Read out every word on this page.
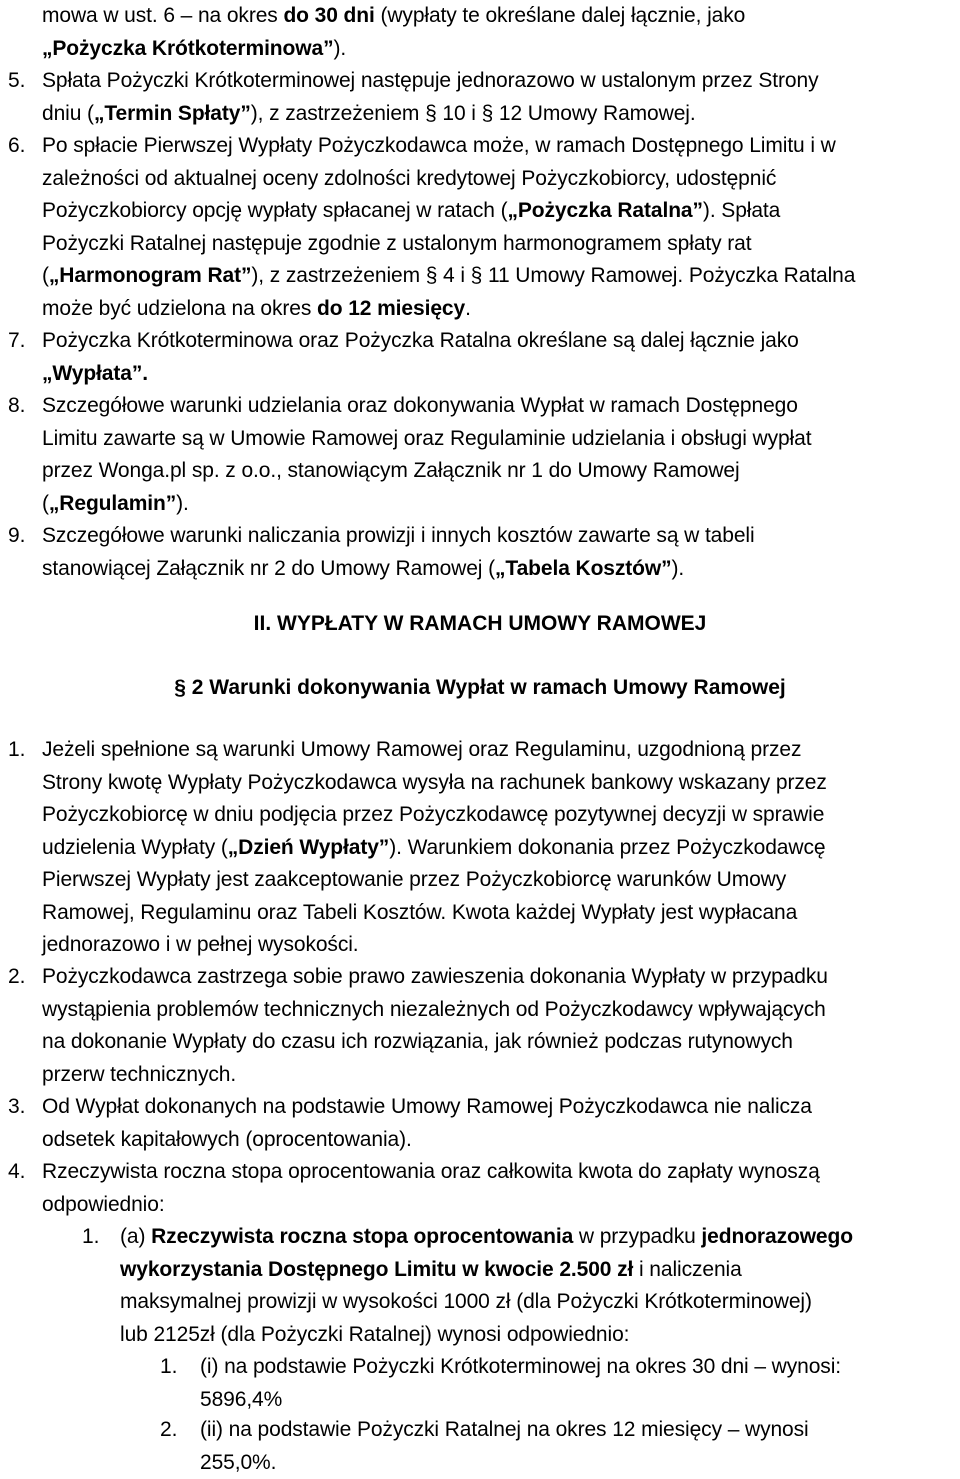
mowa w ust. 6 – na okres do 30 dni (wypłaty te określane dalej łącznie, jako
„Pożyczka Krótkoterminowa”).
5. Spłata Pożyczki Krótkoterminowej następuje jednorazowo w ustalonym przez Strony
dniu („Termin Spłaty”), z zastrzeżeniem § 10 i § 12 Umowy Ramowej.
6. Po spłacie Pierwszej Wypłaty Pożyczkodawca może, w ramach Dostępnego Limitu i w
zależności od aktualnej oceny zdolności kredytowej Pożyczkobiorcy, udostępnić
Pożyczkobiorcy opcję wypłaty spłacanej w ratach („Pożyczka Ratalna”). Spłata
Pożyczki Ratalnej następuje zgodnie z ustalonym harmonogramem spłaty rat
(„Harmonogram Rat”), z zastrzeżeniem § 4 i § 11 Umowy Ramowej. Pożyczka Ratalna
może być udzielona na okres do 12 miesięcy.
7. Pożyczka Krótkoterminowa oraz Pożyczka Ratalna określane są dalej łącznie jako
„Wypłata”.
8. Szczegółowe warunki udzielania oraz dokonywania Wypłat w ramach Dostępnego
Limitu zawarte są w Umowie Ramowej oraz Regulaminie udzielania i obsługi wypłat
przez Wonga.pl sp. z o.o., stanowiącym Załącznik nr 1 do Umowy Ramowej
(„Regulamin”).
9. Szczegółowe warunki naliczania prowizji i innych kosztów zawarte są w tabeli
stanowiącej Załącznik nr 2 do Umowy Ramowej („Tabela Kosztów”).
II. WYPŁATY W RAMACH UMOWY RAMOWEJ
§ 2 Warunki dokonywania Wypłat w ramach Umowy Ramowej
1. Jeżeli spełnione są warunki Umowy Ramowej oraz Regulaminu, uzgodnioną przez
Strony kwotę Wypłaty Pożyczkodawca wysyła na rachunek bankowy wskazany przez
Pożyczkobiorcę w dniu podjęcia przez Pożyczkodawcę pozytywnej decyzji w sprawie
udzielenia Wypłaty („Dzień Wypłaty”). Warunkiem dokonania przez Pożyczkodawcę
Pierwszej Wypłaty jest zaakceptowanie przez Pożyczkobiorcę warunków Umowy
Ramowej, Regulaminu oraz Tabeli Kosztów. Kwota każdej Wypłaty jest wypłacana
jednorazowo i w pełnej wysokości.
2. Pożyczkodawca zastrzega sobie prawo zawieszenia dokonania Wypłaty w przypadku
wystąpienia problemów technicznych niezależnych od Pożyczkodawcy wpływających
na dokonanie Wypłaty do czasu ich rozwiązania, jak również podczas rutynowych
przerw technicznych.
3. Od Wypłat dokonanych na podstawie Umowy Ramowej Pożyczkodawca nie nalicza
odsetek kapitałowych (oprocentowania).
4. Rzeczywista roczna stopa oprocentowania oraz całkowita kwota do zapłaty wynoszą
odpowiednio:
1. (a) Rzeczywista roczna stopa oprocentowania w przypadku jednorazowego
wykorzystania Dostępnego Limitu w kwocie 2.500 zł i naliczenia
maksymalnej prowizji w wysokości 1000 zł (dla Pożyczki Krótkoterminowej)
lub 2125zł (dla Pożyczki Ratalnej) wynosi odpowiednio:
1. (i) na podstawie Pożyczki Krótkoterminowej na okres 30 dni – wynosi:
5896,4%
2. (ii) na podstawie Pożyczki Ratalnej na okres 12 miesięcy – wynosi
255,0%.
